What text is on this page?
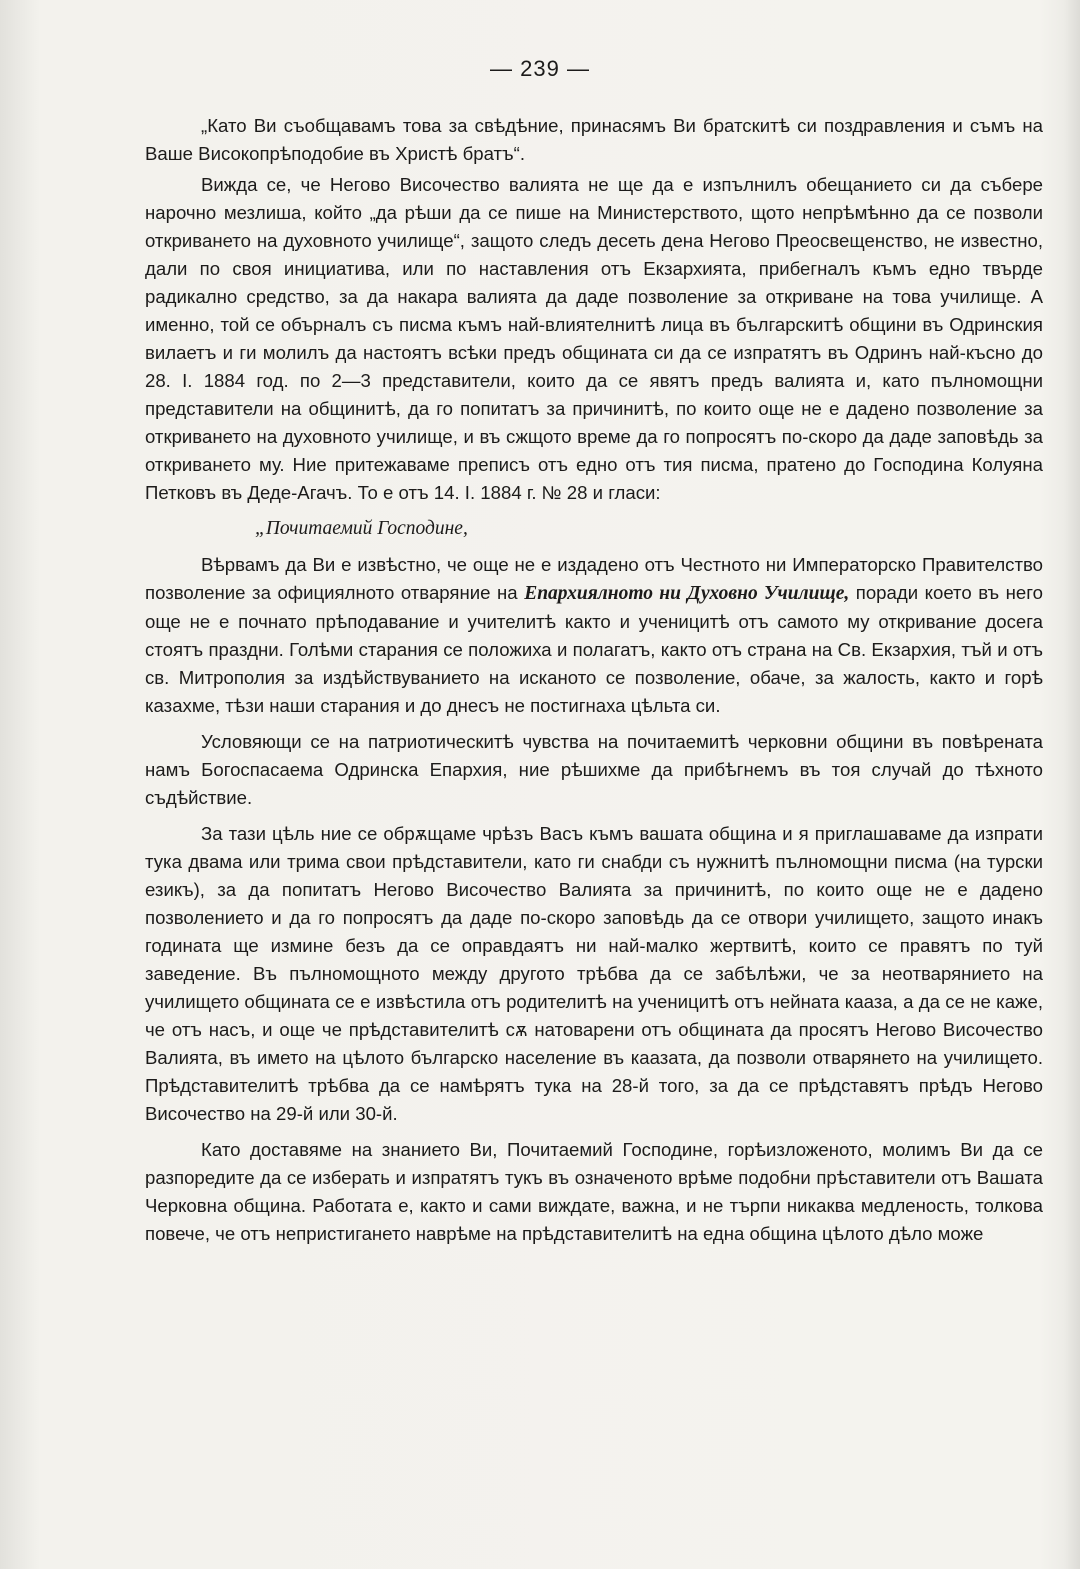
— 239 —

„Като Ви съобщавамъ това за свѣдѣние, принасямъ Ви братскитѣ си поздравления и съмъ на Ваше Високопрѣподобие въ Христѣ братъ“.

Вижда се, че Негово Височество валията не ще да е изпълнилъ обещанието си да събере нарочно мезлиша, който „да рѣши да се пише на Министерството, щото непрѣмѣнно да се позволи откриването на духовното училище“, защото следъ десеть дена Негово Преосвещенство, не известно, дали по своя инициатива, или по наставления отъ Екзархията, прибегналъ къмъ едно твърде радикално средство, за да накара валията да даде позволение за откриване на това училище. А именно, той се обърналъ съ писма къмъ най-влиятелнитѣ лица въ българскитѣ общини въ Одринския вилаетъ и ги молилъ да настоятъ всѣки предъ общината си да се изпратятъ въ Одринъ най-късно до 28. I. 1884 год. по 2—3 представители, които да се явятъ предъ валията и, като пълномощни представители на общинитѣ, да го попитатъ за причинитѣ, по които още не е дадено позволение за откриването на духовното училище, и въ сжщото време да го попросятъ по-скоро да даде заповѣдь за откриването му. Ние притежаваме преписъ отъ едно отъ тия писма, пратено до Господина Колуяна Петковъ въ Деде-Агачъ. То е отъ 14. I. 1884 г. № 28 и гласи:

„Почитаемий Господине,

Вѣрвамъ да Ви е извѣстно, че още не е издадено отъ Честното ни Императорско Правителство позволение за официялното отваряние на Епархиялното ни Духовно Училище, поради което въ него още не е почнато прѣподавание и учителитѣ както и ученицитѣ отъ самото му откривание досега стоятъ праздни. Голѣми старания се положиха и полагатъ, както отъ страна на Св. Екзархия, тъй и отъ св. Митрополия за издѣйствуванието на исканото се позволение, обаче, за жалость, както и горѣ казахме, тѣзи наши старания и до днесъ не постигнаха цѣльта си.

Условяющи се на патриотическитѣ чувства на почитаемитѣ черковни общини въ повѣрената намъ Богоспасаема Одринска Епархия, ние рѣшихме да прибѣгнемъ въ тоя случай до тѣхното съдѣйствие.

За тази цѣль ние се обрѫщаме чрѣзъ Васъ къмъ вашата община и я приглашаваме да изпрати тука двама или трима свои прѣдставители, като ги снабди съ нужнитѣ пълномощни писма (на турски езикъ), за да попитатъ Негово Височество Валията за причинитѣ, по които още не е дадено позволението и да го попросятъ да даде по-скоро заповѣдь да се отвори училището, защото инакъ годината ще измине безъ да се оправдаятъ ни най-малко жертвитѣ, които се правятъ по туй заведение. Въ пълномощното между другото трѣбва да се забѣлѣжи, че за неотварянието на училището общината се е извѣстила отъ родителитѣ на ученицитѣ отъ нейната кааза, а да се не каже, че отъ насъ, и още че прѣдставителитѣ сѫ натоварени отъ общината да просятъ Негово Височество Валията, въ името на цѣлото българско население въ каазата, да позволи отварянето на училището. Прѣдставителитѣ трѣбва да се намѣрятъ тука на 28-й того, за да се прѣдставятъ прѣдъ Негово Височество на 29-й или 30-й.

Като доставяме на знанието Ви, Почитаемий Господине, горѣизложеното, молимъ Ви да се разпоредите да се изберать и изпратятъ тукъ въ означеното врѣме подобни прѣставители отъ Вашата Черковна община. Работата е, както и сами виждате, важна, и не търпи никаква медленость, толкова повече, че отъ непристигането наврѣме на прѣдставителитѣ на една община цѣлото дѣло може
